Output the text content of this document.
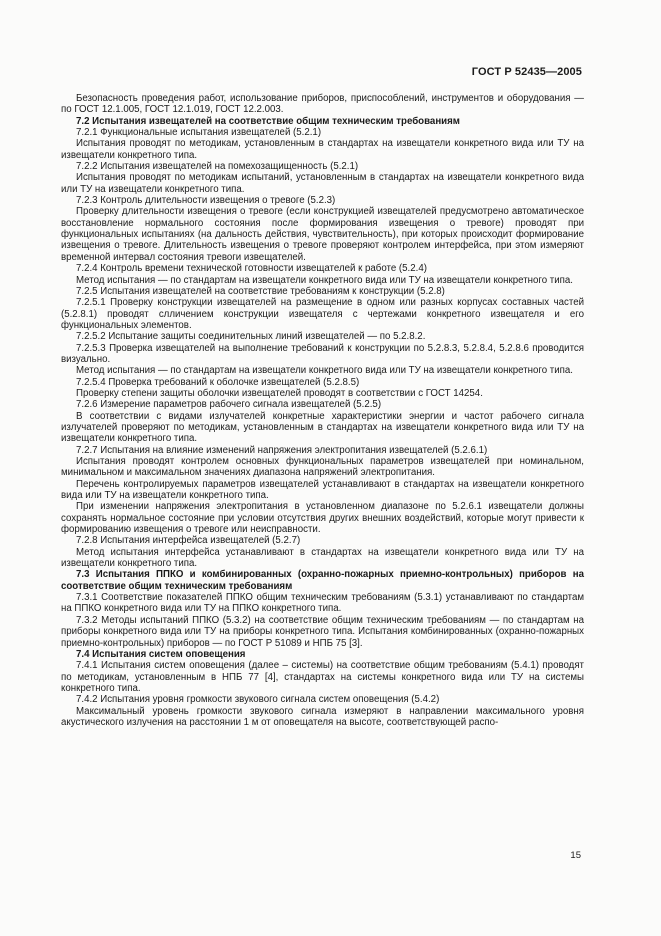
ГОСТ Р 52435—2005

Безопасность проведения работ, использование приборов, приспособлений, инструментов и оборудования — по ГОСТ 12.1.005, ГОСТ 12.1.019, ГОСТ 12.2.003.

7.2 Испытания извещателей на соответствие общим техническим требованиям

7.2.1 Функциональные испытания извещателей (5.2.1)

Испытания проводят по методикам, установленным в стандартах на извещатели конкретного вида или ТУ на извещатели конкретного типа.

7.2.2 Испытания извещателей на помехозащищенность (5.2.1)

Испытания проводят по методикам испытаний, установленным в стандартах на извещатели конкретного вида или ТУ на извещатели конкретного типа.

7.2.3 Контроль длительности извещения о тревоге (5.2.3)

Проверку длительности извещения о тревоге (если конструкцией извещателей предусмотрено автоматическое восстановление нормального состояния после формирования извещения о тревоге) проводят при функциональных испытаниях (на дальность действия, чувствительность), при которых происходит формирование извещения о тревоге. Длительность извещения о тревоге проверяют контролем интерфейса, при этом измеряют временной интервал состояния тревоги извещателей.

7.2.4 Контроль времени технической готовности извещателей к работе (5.2.4)

Метод испытания — по стандартам на извещатели конкретного вида или ТУ на извещатели конкретного типа.

7.2.5 Испытания извещателей на соответствие требованиям к конструкции (5.2.8)

7.2.5.1 Проверку конструкции извещателей на размещение в одном или разных корпусах составных частей (5.2.8.1) проводят слличением конструкции извещателя с чертежами конкретного извещателя и его функциональных элементов.

7.2.5.2 Испытание защиты соединительных линий извещателей — по 5.2.8.2.

7.2.5.3 Проверка извещателей на выполнение требований к конструкции по 5.2.8.3, 5.2.8.4, 5.2.8.6 проводится визуально.

Метод испытания — по стандартам на извещатели конкретного вида или ТУ на извещатели конкретного типа.

7.2.5.4 Проверка требований к оболочке извещателей (5.2.8.5)

Проверку степени защиты оболочки извещателей проводят в соответствии с ГОСТ 14254.

7.2.6 Измерение параметров рабочего сигнала извещателей (5.2.5)

В соответствии с видами излучателей конкретные характеристики энергии и частот рабочего сигнала излучателей проверяют по методикам, установленным в стандартах на извещатели конкретного вида или ТУ на извещатели конкретного типа.

7.2.7 Испытания на влияние изменений напряжения электропитания извещателей (5.2.6.1)

Испытания проводят контролем основных функциональных параметров извещателей при номинальном, минимальном и максимальном значениях диапазона напряжений электропитания.

Перечень контролируемых параметров извещателей устанавливают в стандартах на извещатели конкретного вида или ТУ на извещатели конкретного типа.

При изменении напряжения электропитания в установленном диапазоне по 5.2.6.1 извещатели должны сохранять нормальное состояние при условии отсутствия других внешних воздействий, которые могут привести к формированию извещения о тревоге или неисправности.

7.2.8 Испытания интерфейса извещателей (5.2.7)

Метод испытания интерфейса устанавливают в стандартах на извещатели конкретного вида или ТУ на извещатели конкретного типа.

7.3 Испытания ППКО и комбинированных (охранно-пожарных приемно-контрольных) приборов на соответствие общим техническим требованиям

7.3.1 Соответствие показателей ППКО общим техническим требованиям (5.3.1) устанавливают по стандартам на ППКО конкретного вида или ТУ на ППКО конкретного типа.

7.3.2 Методы испытаний ППКО (5.3.2) на соответствие общим техническим требованиям — по стандартам на приборы конкретного вида или ТУ на приборы конкретного типа. Испытания комбинированных (охранно-пожарных приемно-контрольных) приборов — по ГОСТ Р 51089 и НПБ 75 [3].

7.4 Испытания систем оповещения

7.4.1 Испытания систем оповещения (далее – системы) на соответствие общим требованиям (5.4.1) проводят по методикам, установленным в НПБ 77 [4], стандартах на системы конкретного вида или ТУ на системы конкретного типа.

7.4.2 Испытания уровня громкости звукового сигнала систем оповещения (5.4.2)

Максимальный уровень громкости звукового сигнала измеряют в направлении максимального уровня акустического излучения на расстоянии 1 м от оповещателя на высоте, соответствующей распо-

15
